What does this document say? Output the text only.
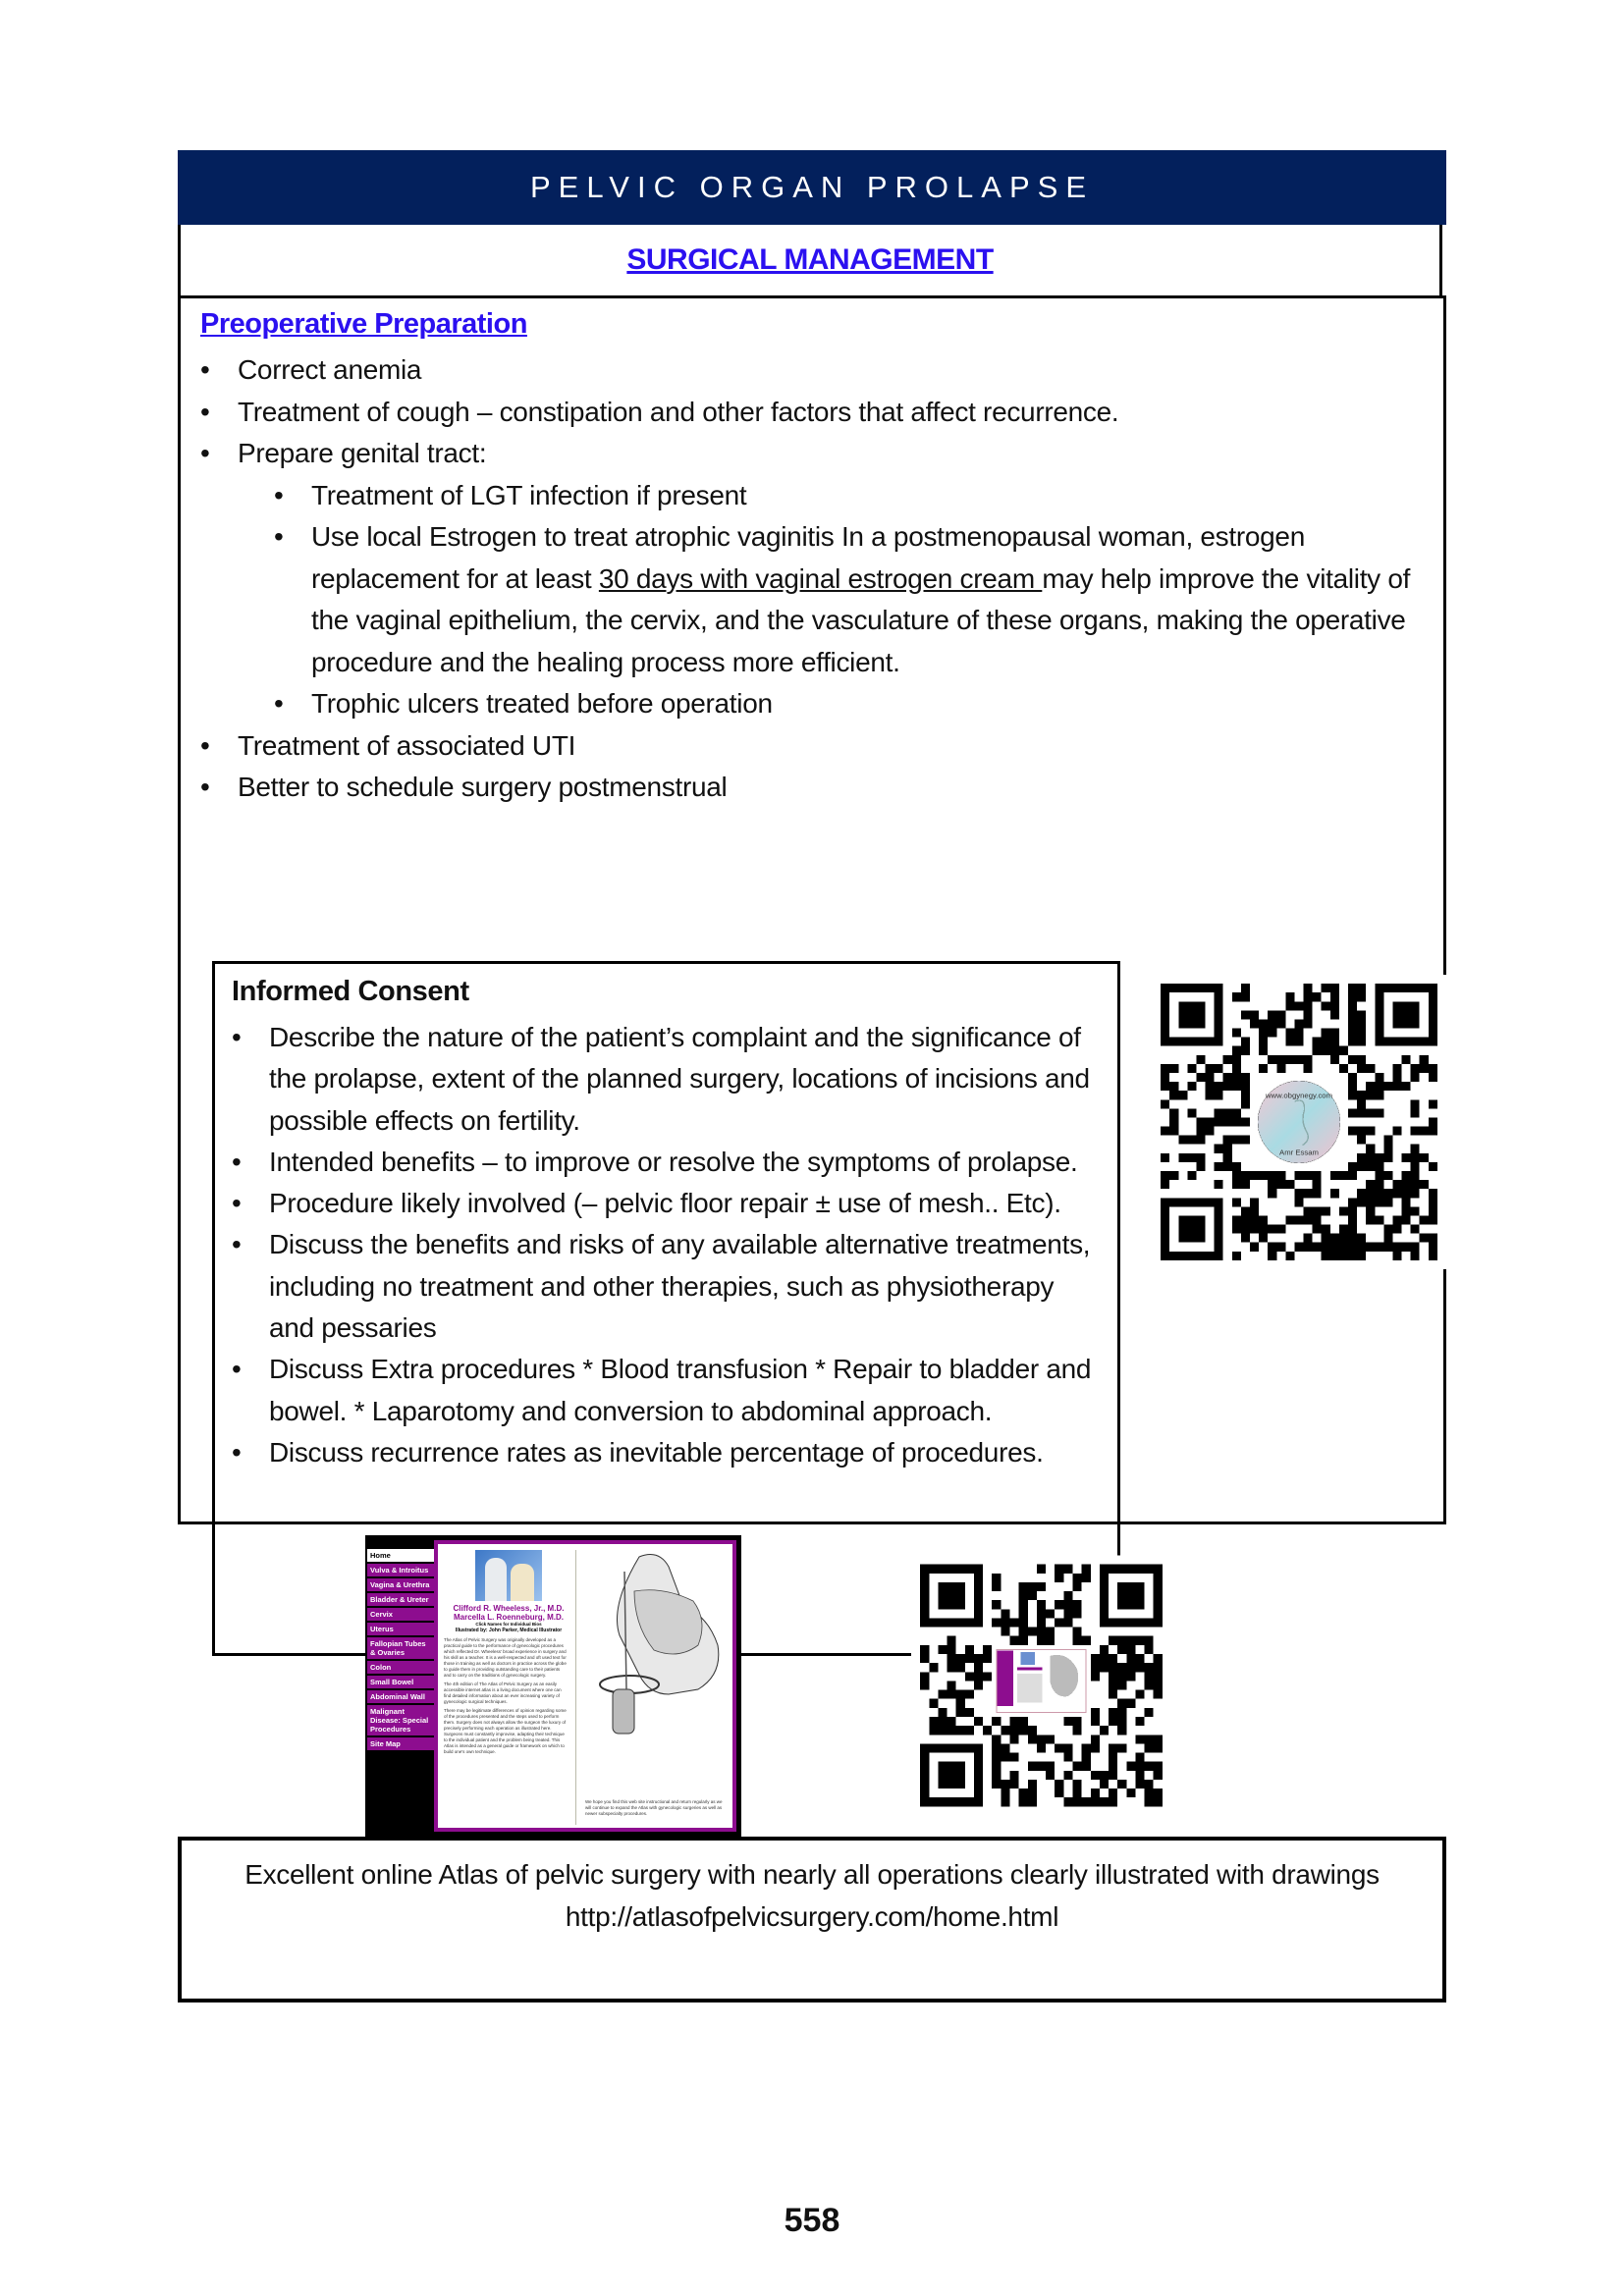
PELVIC ORGAN PROLAPSE
SURGICAL MANAGEMENT
Preoperative Preparation
• Correct anemia
• Treatment of cough – constipation and other factors that affect recurrence.
• Prepare genital tract:
• Treatment of LGT infection if present
• Use local Estrogen to treat atrophic vaginitis In a postmenopausal woman, estrogen replacement for at least 30 days with vaginal estrogen cream may help improve the vitality of the vaginal epithelium, the cervix, and the vasculature of these organs, making the operative procedure and the healing process more efficient.
• Trophic ulcers treated before operation
• Treatment of associated UTI
• Better to schedule surgery postmenstrual
Informed Consent
• Describe the nature of the patient’s complaint and the significance of the prolapse, extent of the planned surgery, locations of incisions and possible effects on fertility.
• Intended benefits – to improve or resolve the symptoms of prolapse.
• Procedure likely involved (– pelvic floor repair ± use of mesh.. Etc).
• Discuss the benefits and risks of any available alternative treatments, including no treatment and other therapies, such as physiotherapy and pessaries
• Discuss Extra procedures * Blood transfusion * Repair to bladder and bowel. * Laparotomy and conversion to abdominal approach.
• Discuss recurrence rates as inevitable percentage of procedures.
Home
Vulva & Introitus
Vagina & Urethra
Bladder & Ureter
Cervix
Uterus
Fallopian Tubes & Ovaries
Colon
Small Bowel
Abdominal Wall
Malignant Disease: Special Procedures
Site Map
Clifford R. Wheeless, Jr., M.D.
Marcella L. Roenneburg, M.D.
Click Names for Individual Bios
Illustrated by: John Parker, Medical Illustrator
The Atlas of Pelvic Surgery was originally developed as a practical guide to the performance of gynecologic procedures which reflected Dr. Wheeless' broad experience in surgery and his skill as a teacher. It is a well-respected and oft used text for those in training as well as doctors in practice across the globe to guide them in providing outstanding care to their patients and to carry on the traditions of gynecologic surgery.
The 4th edition of The Atlas of Pelvic Surgery as an easily accessible internet atlas is a living document where one can find detailed information about an ever increasing variety of gynecologic surgical techniques.
There may be legitimate differences of opinion regarding some of the procedures presented and the steps used to perform them. Surgery does not always allow the surgeon the luxury of precisely performing each operation as illustrated here. Surgeons must constantly improvise, adapting their technique to the individual patient and the problem being treated. This Atlas is intended as a general guide or framework on which to build one's own technique.
We hope you find this web site instructional and return regularly as we will continue to expand the Atlas with gynecologic surgeries as well as newer subspecialty procedures.

Excellent online Atlas of pelvic surgery with nearly all operations clearly illustrated with drawings
http://atlasofpelvicsurgery.com/home.html

558
